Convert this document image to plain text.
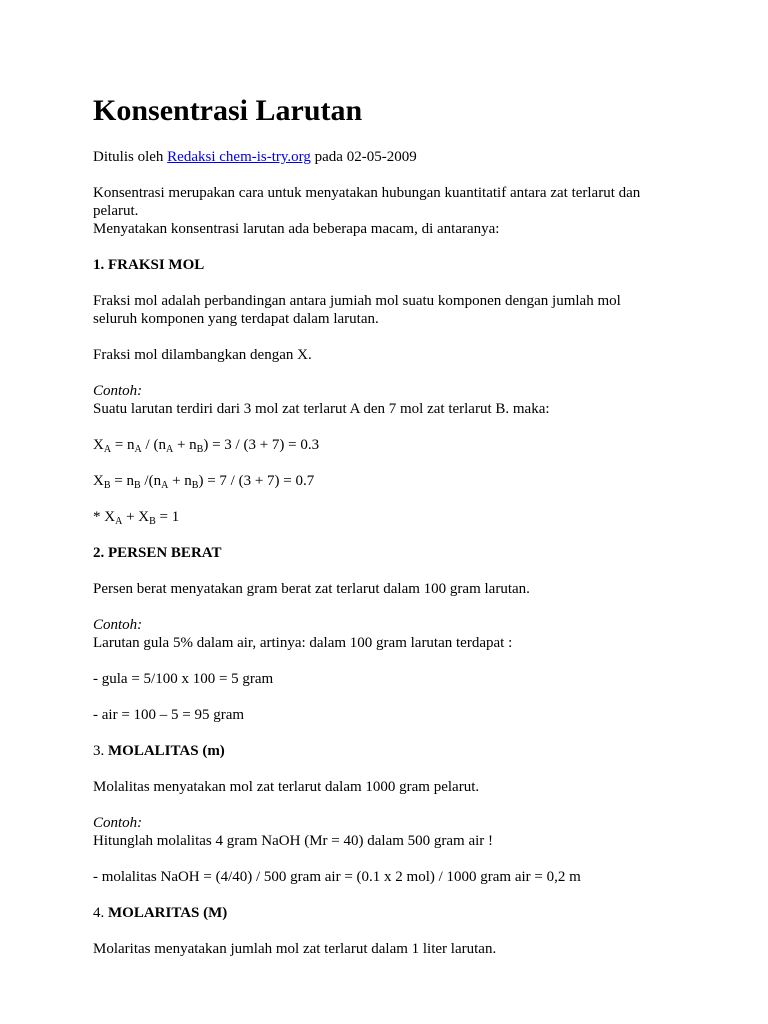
Konsentrasi Larutan
Ditulis oleh Redaksi chem-is-try.org pada 02-05-2009
Konsentrasi merupakan cara untuk menyatakan hubungan kuantitatif antara zat terlarut dan
pelarut.
Menyatakan konsentrasi larutan ada beberapa macam, di antaranya:
1. FRAKSI MOL
Fraksi mol adalah perbandingan antara jumiah mol suatu komponen dengan jumlah mol
seluruh komponen yang terdapat dalam larutan.
Fraksi mol dilambangkan dengan X.
Contoh:
Suatu larutan terdiri dari 3 mol zat terlarut A den 7 mol zat terlarut B. maka:
$X_A = n_A / (n_A + n_B) = 3 / (3 + 7) = 0.3$
$X_B = n_B$ $/(n_A + n_B) = 7 / (3 + 7) = 0.7$
* $X_A + X_B = 1$
2. PERSEN BERAT
Persen berat menyatakan gram berat zat terlarut dalam 100 gram larutan.
Contoh:
Larutan gula 5% dalam air, artinya: dalam 100 gram larutan terdapat :
- gula = 5/100 x 100 = 5 gram
- air = 100 – 5 = 95 gram
3. MOLALITAS (m)
Molalitas menyatakan mol zat terlarut dalam 1000 gram pelarut.
Contoh:
Hitunglah molalitas 4 gram NaOH (Mr = 40) dalam 500 gram air !
- molalitas NaOH = (4/40) / 500 gram air = (0.1 x 2 mol) / 1000 gram air = 0,2 m
4. MOLARITAS (M)
Molaritas menyatakan jumlah mol zat terlarut dalam 1 liter larutan.
